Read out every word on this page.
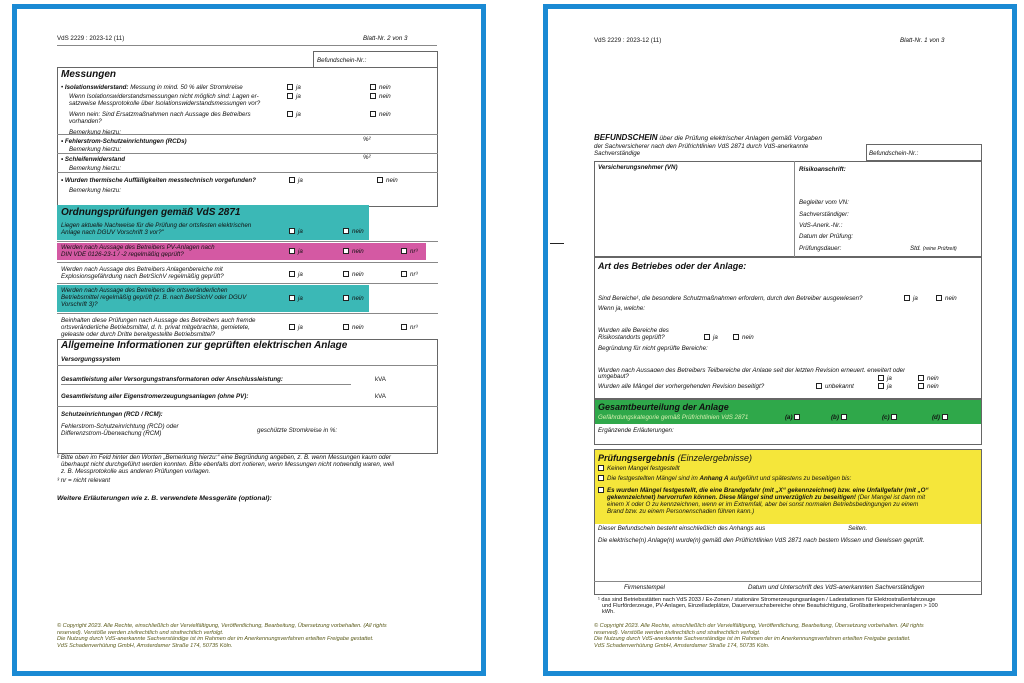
VdS 2229 : 2023-12 (11)	Blatt-Nr. 2 von 3
Befundschein-Nr.:
Messungen
• Isolationswiderstand: Messung in mind. 50 % aller Stromkreise	ja	nein
Wenn Isolationswiderstandsmessungen nicht möglich sind: Lagen er-
satzweise Messprotokolle über Isolationswiderstandsmessungen vor?
ja	nein
Wenn nein: Sind Ersatzmaßnahmen nach Aussage des Betreibers
vorhanden?
ja	nein
Bemerkung hierzu:
• Fehlerstrom-Schutzeinrichtungen (RCDs)	%²
Bemerkung hierzu:
• Schleifenwiderstand	%²
Bemerkung hierzu:
• Wurden thermische Auffälligkeiten messtechnisch vorgefunden?	ja	nein
Bemerkung hierzu:
Ordnungsprüfungen gemäß VdS 2871
Liegen aktuelle Nachweise für die Prüfung der ortsfesten elektrischen
Anlage nach DGUV Vorschrift 3 vor?"	ja	nein
Werden nach Aussage des Betreibers PV-Anlagen nach
DIN VDE 0126-23-1 / -2 regelmäßig geprüft?	ja	nein	nr³
Werden nach Aussage des Betreibers Anlagenbereiche mit
Explosionsgefährdung nach BetrSichV regelmäßig geprüft?	ja	nein	nr³
Werden nach Aussage des Betreibers die ortsveränderlichen
Betriebsmittel regelmäßig geprüft (z. B. nach BetrSichV oder DGUV
Vorschrift 3)?
ja	nein
Beinhalten diese Prüfungen nach Aussage des Betreibers auch fremde
ortsveränderliche Betriebsmittel, d. h. privat mitgebrachte, gemietete,
geleaste oder durch Dritte bereitgestellte Betriebsmittel?
ja	nein	nr³
Allgemeine Informationen zur geprüften elektrischen Anlage
Versorgungssystem
Gesamtleistung aller Versorgungstransformatoren oder Anschlussleistung:	kVA
Gesamtleistung aller Eigenstromerzeugungsanlagen (ohne PV):	kVA
Schutzeinrichtungen (RCD / RCM):
Fehlerstrom-Schutzeinrichtung (RCD) oder
Differenzstrom-Überwachung (RCM)	geschützte Stromkreise in %:
² Bitte oben im Feld hinter den Worten „Bemerkung hierzu:“ eine Begründung angeben, z. B. wenn Messungen kaum oder
überhaupt nicht durchgeführt werden konnten. Bitte ebenfalls dort notieren, wenn Messungen nicht notwendig waren, weil
z. B. Messprotokolle aus anderen Prüfungen vorlagen.
³ nr = nicht relevant
Weitere Erläuterungen wie z. B. verwendete Messgeräte (optional):
© Copyright 2023. Alle Rechte, einschließlich der Vervielfältigung, Veröffentlichung, Bearbeitung, Übersetzung vorbehalten. (All rights
reserved). Verstöße werden zivilrechtlich und strafrechtlich verfolgt.
Die Nutzung durch VdS-anerkannte Sachverständige ist im Rahmen der im Anerkennungsverfahren erteilten Freigabe gestattet.
VdS Schadenverhütung GmbH, Amsterdamer Straße 174, 50735 Köln.
VdS 2229 : 2023-12 (11)	Blatt-Nr. 1 von 3
BEFUNDSCHEIN über die Prüfung elektrischer Anlagen gemäß Vorgaben
der Sachversicherer nach den Prüfrichtlinien VdS 2871 durch VdS-anerkannte
Sachverständige	Befundschein-Nr.:
Versicherungsnehmer (VN)	Risikoanschrift:
Begleiter vom VN:
Sachverständiger:
VdS-Anerk.-Nr.:
Datum der Prüfung:
Prüfungsdauer:	Std. (reine Prüfzeit)
Art des Betriebes oder der Anlage:
Sind Bereiche¹, die besondere Schutzmaßnahmen erfordern, durch den Betreiber ausgewiesen?	ja	nein
Wenn ja, welche:
Wurden alle Bereiche des
Risikostandorts geprüft?	ja	nein
Begründung für nicht geprüfte Bereiche:
Wurden nach Aussagen des Betreibers Teilbereiche der Anlage seit der letzten Revision erneuert, erweitert oder
umgebaut?	ja	nein
Wurden alle Mängel der vorhergehenden Revision beseitigt?	unbekannt	ja	nein
Gesamtbeurteilung der Anlage
Gefährdungskategorie gemäß Prüfrichtlinien VdS 2871	(a)	(b)	(c)	(d)
Ergänzende Erläuterungen:
Prüfungsergebnis (Einzelergebnisse)
Keinen Mangel festgestellt
Die festgestellten Mängel sind im Anhang A aufgeführt und spätestens zu beseitigen bis:
Es wurden Mängel festgestellt, die eine Brandgefahr (mit „X“ gekennzeichnet) bzw. eine Unfallgefahr (mit „O“
gekennzeichnet) hervorrufen können. Diese Mängel sind unverzüglich zu beseitigen! (Der Mangel ist dann mit
einem X oder O zu kennzeichnen, wenn er im Extremfall, aber bei sonst normalen Betriebsbedingungen zu einem
Brand bzw. zu einem Personenschaden führen kann.)
Dieser Befundschein besteht einschließlich des Anhangs aus	Seiten.
Die elektrische(n) Anlage(n) wurde(n) gemäß den Prüfrichtlinien VdS 2871 nach bestem Wissen und Gewissen geprüft.
Firmenstempel	Datum und Unterschrift des VdS-anerkannten Sachverständigen
¹ das sind Betriebsstätten nach VdS 2033 / Ex-Zonen / stationäre Stromerzeugungsanlagen / Ladestationen für Elektrostraßenfahrzeuge
und Flurförderzeuge, PV-Anlagen, Einzelladeplätze, Dauerversuchsbereiche ohne Beaufsichtigung, Großbatteriespeicheranlagen > 100
kWh.
© Copyright 2023. Alle Rechte, einschließlich der Vervielfältigung, Veröffentlichung, Bearbeitung, Übersetzung vorbehalten. (All rights
reserved). Verstöße werden zivilrechtlich und strafrechtlich verfolgt.
Die Nutzung durch VdS-anerkannte Sachverständige ist im Rahmen der im Anerkennungsverfahren erteilten Freigabe gestattet.
VdS Schadenverhütung GmbH, Amsterdamer Straße 174, 50735 Köln.
